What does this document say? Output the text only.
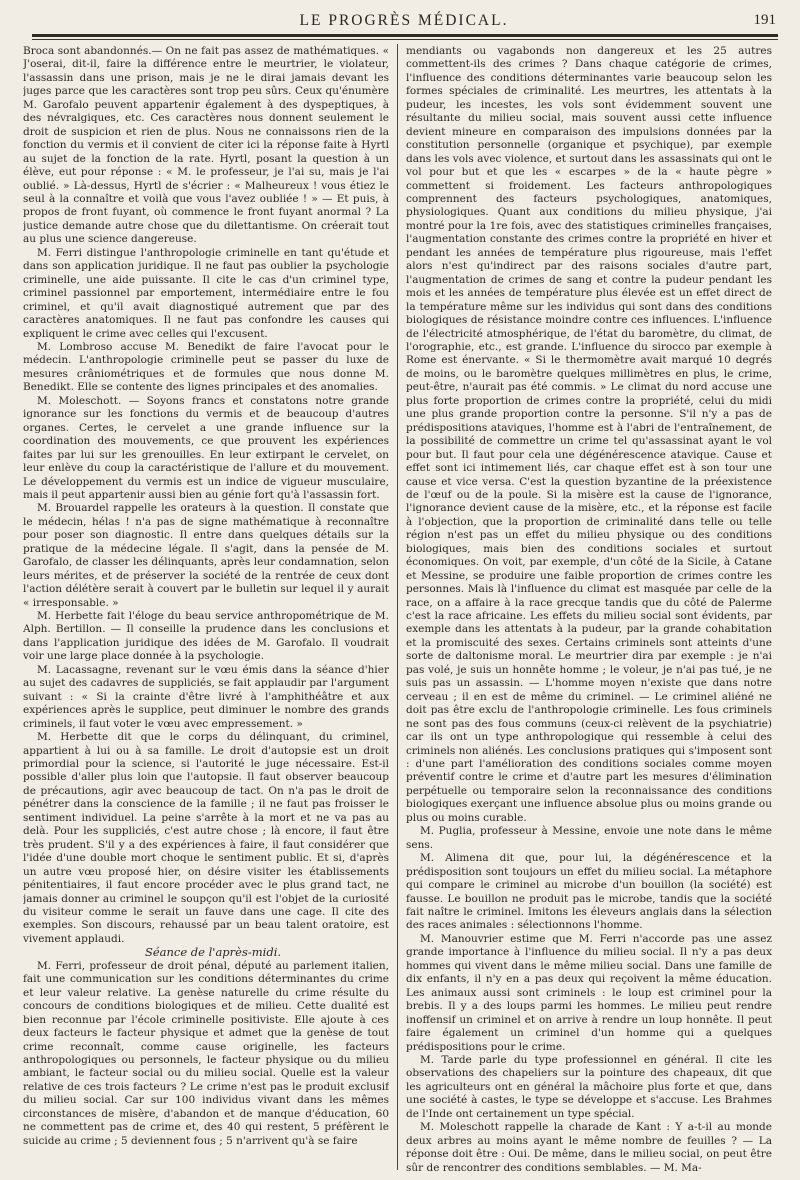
LE PROGRÈS MÉDICAL.	191

Broca sont abandonnés.— On ne fait pas assez de mathématiques. « J'oserai, dit-il, faire la différence entre le meurtrier, le violateur, l'assassin dans une prison, mais je ne le dirai jamais devant les juges parce que les caractères sont trop peu sûrs. Ceux qu'énumère M. Garofalo peuvent appartenir également à des dyspeptiques, à des névralgiques, etc. Ces caractères nous donnent seulement le droit de suspicion et rien de plus. Nous ne connaissons rien de la fonction du vermis et il convient de citer ici la réponse faite à Hyrtl au sujet de la fonction de la rate. Hyrtl, posant la question à un élève, eut pour réponse : « M. le professeur, je l'ai su, mais je l'ai oublié. » Là-dessus, Hyrtl de s'écrier : « Malheureux ! vous étiez le seul à la connaître et voilà que vous l'avez oubliée ! » — Et puis, à propos de front fuyant, où commence le front fuyant anormal ? La justice demande autre chose que du dilettantisme. On créerait tout au plus une science dangereuse.

M. Ferri distingue l'anthropologie criminelle en tant qu'étude et dans son application juridique. Il ne faut pas oublier la psychologie criminelle, une aide puissante. Il cite le cas d'un criminel type, criminel passionnel par emportement, intermédiaire entre le fou criminel, et qu'il avait diagnostiqué autrement que par des caractères anatomiques. Il ne faut pas confondre les causes qui expliquent le crime avec celles qui l'excusent.

M. Lombroso accuse M. Benedikt de faire l'avocat pour le médecin. L'anthropologie criminelle peut se passer du luxe de mesures crâniométriques et de formules que nous donne M. Benedikt. Elle se contente des lignes principales et des anomalies.

M. Moleschott. — Soyons francs et constatons notre grande ignorance sur les fonctions du vermis et de beaucoup d'autres organes. Certes, le cervelet a une grande influence sur la coordination des mouvements, ce que prouvent les expériences faites par lui sur les grenouilles. En leur extirpant le cervelet, on leur enlève du coup la caractéristique de l'allure et du mouvement. Le développement du vermis est un indice de vigueur musculaire, mais il peut appartenir aussi bien au génie fort qu'à l'assassin fort.

M. Brouardel rappelle les orateurs à la question. Il constate que le médecin, hélas ! n'a pas de signe mathématique à reconnaître pour poser son diagnostic. Il entre dans quelques détails sur la pratique de la médecine légale. Il s'agit, dans la pensée de M. Garofalo, de classer les délinquants, après leur condamnation, selon leurs mérites, et de préserver la société de la rentrée de ceux dont l'action délétère serait à couvert par le bulletin sur lequel il y aurait « irresponsable. »

M. Herbette fait l'éloge du beau service anthropométrique de M. Alph. Bertillon. — Il conseille la prudence dans les conclusions et dans l'application juridique des idées de M. Garofalo. Il voudrait voir une large place donnée à la psychologie.

M. Lacassagne, revenant sur le vœu émis dans la séance d'hier au sujet des cadavres de suppliciés, se fait applaudir par l'argument suivant : « Si la crainte d'être livré à l'amphithéâtre et aux expériences après le supplice, peut diminuer le nombre des grands criminels, il faut voter le vœu avec empressement. »

M. Herbette dit que le corps du délinquant, du criminel, appartient à lui ou à sa famille. Le droit d'autopsie est un droit primordial pour la science, si l'autorité le juge nécessaire. Est-il possible d'aller plus loin que l'autopsie. Il faut observer beaucoup de précautions, agir avec beaucoup de tact. On n'a pas le droit de pénétrer dans la conscience de la famille ; il ne faut pas froisser le sentiment individuel. La peine s'arrête à la mort et ne va pas au delà. Pour les suppliciés, c'est autre chose ; là encore, il faut être très prudent. S'il y a des expériences à faire, il faut considérer que l'idée d'une double mort choque le sentiment public. Et si, d'après un autre vœu proposé hier, on désire visiter les établissements pénitentiaires, il faut encore procéder avec le plus grand tact, ne jamais donner au criminel le soupçon qu'il est l'objet de la curiosité du visiteur comme le serait un fauve dans une cage. Il cite des exemples. Son discours, rehaussé par un beau talent oratoire, est vivement applaudi.

Séance de l'après-midi.

M. Ferri, professeur de droit pénal, député au parlement italien, fait une communication sur les conditions déterminantes du crime et leur valeur relative. La genèse naturelle du crime résulte du concours de conditions biologiques et de milieu. Cette dualité est bien reconnue par l'école criminelle positiviste. Elle ajoute à ces deux facteurs le facteur physique et admet que la genèse de tout crime reconnaît, comme cause originelle, les facteurs anthropologiques ou personnels, le facteur physique ou du milieu ambiant, le facteur social ou du milieu social. Quelle est la valeur relative de ces trois facteurs ? Le crime n'est pas le produit exclusif du milieu social. Car sur 100 individus vivant dans les mêmes circonstances de misère, d'abandon et de manque d'éducation, 60 ne commettent pas de crime et, des 40 qui restent, 5 préfèrent le suicide au crime ; 5 deviennent fous ; 5 n'arrivent qu'à se faire

mendiants ou vagabonds non dangereux et les 25 autres commettent-ils des crimes ? Dans chaque catégorie de crimes, l'influence des conditions déterminantes varie beaucoup selon les formes spéciales de criminalité. Les meurtres, les attentats à la pudeur, les incestes, les vols sont évidemment souvent une résultante du milieu social, mais souvent aussi cette influence devient mineure en comparaison des impulsions données par la constitution personnelle (organique et psychique), par exemple dans les vols avec violence, et surtout dans les assassinats qui ont le vol pour but et que les « escarpes » de la « haute pègre » commettent si froidement. Les facteurs anthropologiques comprennent des facteurs psychologiques, anatomiques, physiologiques. Quant aux conditions du milieu physique, j'ai montré pour la 1re fois, avec des statistiques criminelles françaises, l'augmentation constante des crimes contre la propriété en hiver et pendant les années de température plus rigoureuse, mais l'effet alors n'est qu'indirect par des raisons sociales d'autre part, l'augmentation de crimes de sang et contre la pudeur pendant les mois et les années de température plus élevée est un effet direct de la température même sur les individus qui sont dans des conditions biologiques de résistance moindre contre ces influences. L'influence de l'électricité atmosphérique, de l'état du baromètre, du climat, de l'orographie, etc., est grande. L'influence du sirocco par exemple à Rome est énervante. « Si le thermomètre avait marqué 10 degrés de moins, ou le baromètre quelques millimètres en plus, le crime, peut-être, n'aurait pas été commis. » Le climat du nord accuse une plus forte proportion de crimes contre la propriété, celui du midi une plus grande proportion contre la personne. S'il n'y a pas de prédispositions ataviques, l'homme est à l'abri de l'entraînement, de la possibilité de commettre un crime tel qu'assassinat ayant le vol pour but. Il faut pour cela une dégénérescence atavique. Cause et effet sont ici intimement liés, car chaque effet est à son tour une cause et vice versa. C'est la question byzantine de la préexistence de l'œuf ou de la poule. Si la misère est la cause de l'ignorance, l'ignorance devient cause de la misère, etc., et la réponse est facile à l'objection, que la proportion de criminalité dans telle ou telle région n'est pas un effet du milieu physique ou des conditions biologiques, mais bien des conditions sociales et surtout économiques. On voit, par exemple, d'un côté de la Sicile, à Catane et Messine, se produire une faible proportion de crimes contre les personnes. Mais là l'influence du climat est masquée par celle de la race, on a affaire à la race grecque tandis que du côté de Palerme c'est la race africaine. Les effets du milieu social sont évidents, par exemple dans les attentats à la pudeur, par la grande cohabitation et la promiscuité des sexes. Certains criminels sont atteints d'une sorte de daltonisme moral. Le meurtrier dira par exemple : je n'ai pas volé, je suis un honnête homme ; le voleur, je n'ai pas tué, je ne suis pas un assassin. — L'homme moyen n'existe que dans notre cerveau ; il en est de même du criminel. — Le criminel aliéné ne doit pas être exclu de l'anthropologie criminelle. Les fous criminels ne sont pas des fous communs (ceux-ci relèvent de la psychiatrie) car ils ont un type anthropologique qui ressemble à celui des criminels non aliénés. Les conclusions pratiques qui s'imposent sont : d'une part l'amélioration des conditions sociales comme moyen préventif contre le crime et d'autre part les mesures d'élimination perpétuelle ou temporaire selon la reconnaissance des conditions biologiques exerçant une influence absolue plus ou moins grande ou plus ou moins curable.

M. Puglia, professeur à Messine, envoie une note dans le même sens.

M. Alimena dit que, pour lui, la dégénérescence et la prédisposition sont toujours un effet du milieu social. La métaphore qui compare le criminel au microbe d'un bouillon (la société) est fausse. Le bouillon ne produit pas le microbe, tandis que la société fait naître le criminel. Imitons les éleveurs anglais dans la sélection des races animales : sélectionnons l'homme.

M. Manouvrier estime que M. Ferri n'accorde pas une assez grande importance à l'influence du milieu social. Il n'y a pas deux hommes qui vivent dans le même milieu social. Dans une famille de dix enfants, il n'y en a pas deux qui reçoivent la même éducation. Les animaux aussi sont criminels : le loup est criminel pour la brebis. Il y a des loups parmi les hommes. Le milieu peut rendre inoffensif un criminel et on arrive à rendre un loup honnête. Il peut faire également un criminel d'un homme qui a quelques prédispositions pour le crime.

M. Tarde parle du type professionnel en général. Il cite les observations des chapeliers sur la pointure des chapeaux, dit que les agriculteurs ont en général la mâchoire plus forte et que, dans une société à castes, le type se développe et s'accuse. Les Brahmes de l'Inde ont certainement un type spécial.

M. Moleschott rappelle la charade de Kant : Y a-t-il au monde deux arbres au moins ayant le même nombre de feuilles ? — La réponse doit être : Oui. De même, dans le milieu social, on peut être sûr de rencontrer des conditions semblables. — M. Ma-
